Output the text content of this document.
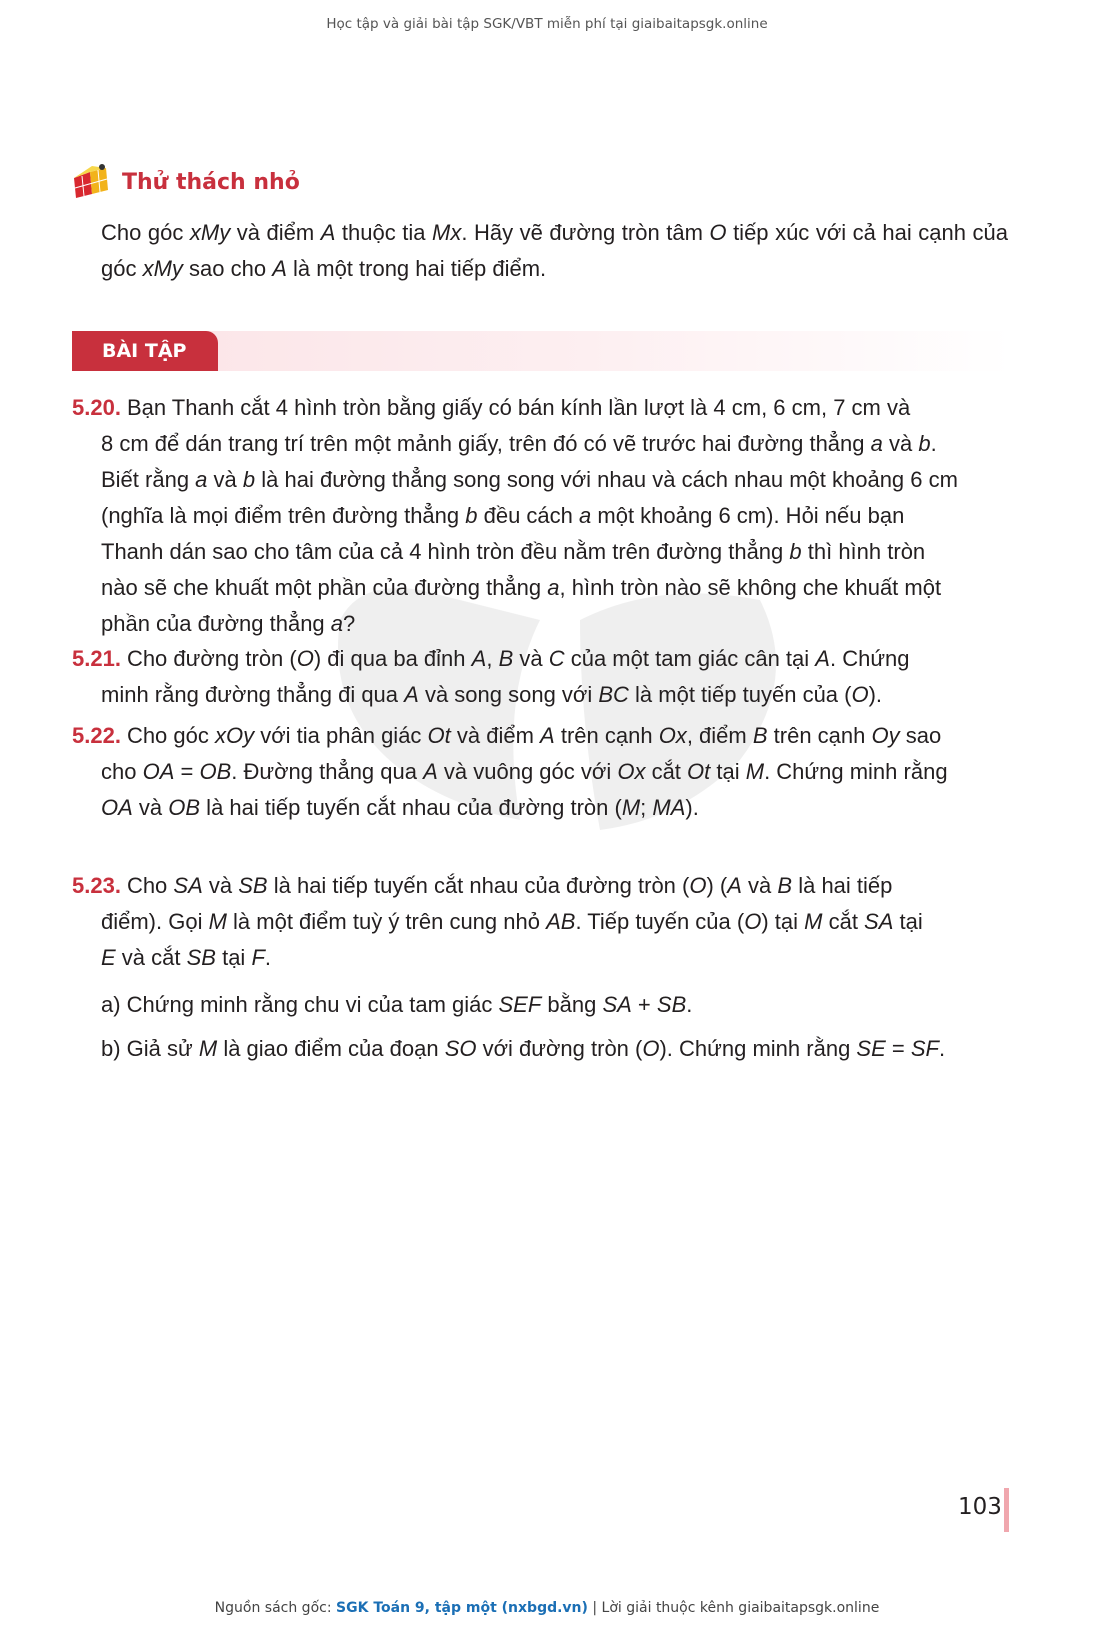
Học tập và giải bài tập SGK/VBT miễn phí tại giaibaitapsgk.online
Thử thách nhỏ
Cho góc xMy và điểm A thuộc tia Mx. Hãy vẽ đường tròn tâm O tiếp xúc với cả hai cạnh của góc xMy sao cho A là một trong hai tiếp điểm.
BÀI TẬP
5.20. Bạn Thanh cắt 4 hình tròn bằng giấy có bán kính lần lượt là 4 cm, 6 cm, 7 cm và
8 cm để dán trang trí trên một mảnh giấy, trên đó có vẽ trước hai đường thẳng a và b.
Biết rằng a và b là hai đường thẳng song song với nhau và cách nhau một khoảng 6 cm
(nghĩa là mọi điểm trên đường thẳng b đều cách a một khoảng 6 cm). Hỏi nếu bạn
Thanh dán sao cho tâm của cả 4 hình tròn đều nằm trên đường thẳng b thì hình tròn
nào sẽ che khuất một phần của đường thẳng a, hình tròn nào sẽ không che khuất một
phần của đường thẳng a?
5.21. Cho đường tròn (O) đi qua ba đỉnh A, B và C của một tam giác cân tại A. Chứng
minh rằng đường thẳng đi qua A và song song với BC là một tiếp tuyến của (O).
5.22. Cho góc xOy với tia phân giác Ot và điểm A trên cạnh Ox, điểm B trên cạnh Oy sao
cho OA = OB. Đường thẳng qua A và vuông góc với Ox cắt Ot tại M. Chứng minh rằng
OA và OB là hai tiếp tuyến cắt nhau của đường tròn (M; MA).
5.23. Cho SA và SB là hai tiếp tuyến cắt nhau của đường tròn (O) (A và B là hai tiếp
điểm). Gọi M là một điểm tuỳ ý trên cung nhỏ AB. Tiếp tuyến của (O) tại M cắt SA tại
E và cắt SB tại F.
a) Chứng minh rằng chu vi của tam giác SEF bằng SA + SB.
b) Giả sử M là giao điểm của đoạn SO với đường tròn (O). Chứng minh rằng SE = SF.
103
Nguồn sách gốc: SGK Toán 9, tập một (nxbgd.vn) | Lời giải thuộc kênh giaibaitapsgk.online
